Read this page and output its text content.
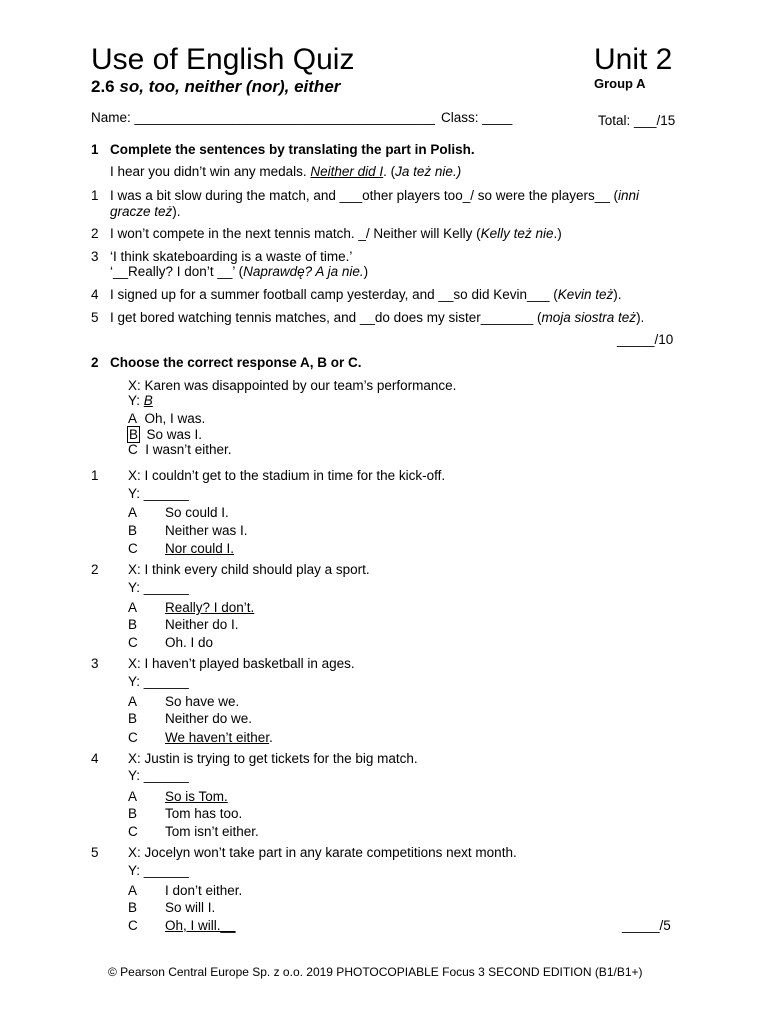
Use of English Quiz	Unit 2
2.6 so, too, neither (nor), either	Group A
Name: ________________________________________ Class: ____	Total: ___/15
1 Complete the sentences by translating the part in Polish.
I hear you didn’t win any medals. Neither did I. (Ja też nie.)
1 I was a bit slow during the match, and ___other players too_/ so were the players__ (inni
gracze też).
2 I won’t compete in the next tennis match. _/ Neither will Kelly (Kelly też nie.)
3 ‘I think skateboarding is a waste of time.’
‘__Really? I don’t __’ (Naprawdę? A ja nie.)
4 I signed up for a summer football camp yesterday, and __so did Kevin___ (Kevin też).
5 I get bored watching tennis matches, and __do does my sister_______ (moja siostra też).
_____/10
2 Choose the correct response A, B or C.
X: Karen was disappointed by our team’s performance.
Y: B
A Oh, I was.
B So was I.
C I wasn’t either.
1 X: I couldn’t get to the stadium in time for the kick-off.
Y: ______
A So could I.
B Neither was I.
C Nor could I.
2 X: I think every child should play a sport.
Y: ______
A Really? I don’t.
B Neither do I.
C Oh. I do
3 X: I haven’t played basketball in ages.
Y: ______
A So have we.
B Neither do we.
C We haven’t either.
4 X: Justin is trying to get tickets for the big match.
Y: ______
A So is Tom.
B Tom has too.
C Tom isn’t either.
5 X: Jocelyn won’t take part in any karate competitions next month.
Y: ______
A I don’t either.
B So will I.
C Oh, I will.__	_____/5
© Pearson Central Europe Sp. z o.o. 2019 PHOTOCOPIABLE Focus 3 SECOND EDITION (B1/B1+)
